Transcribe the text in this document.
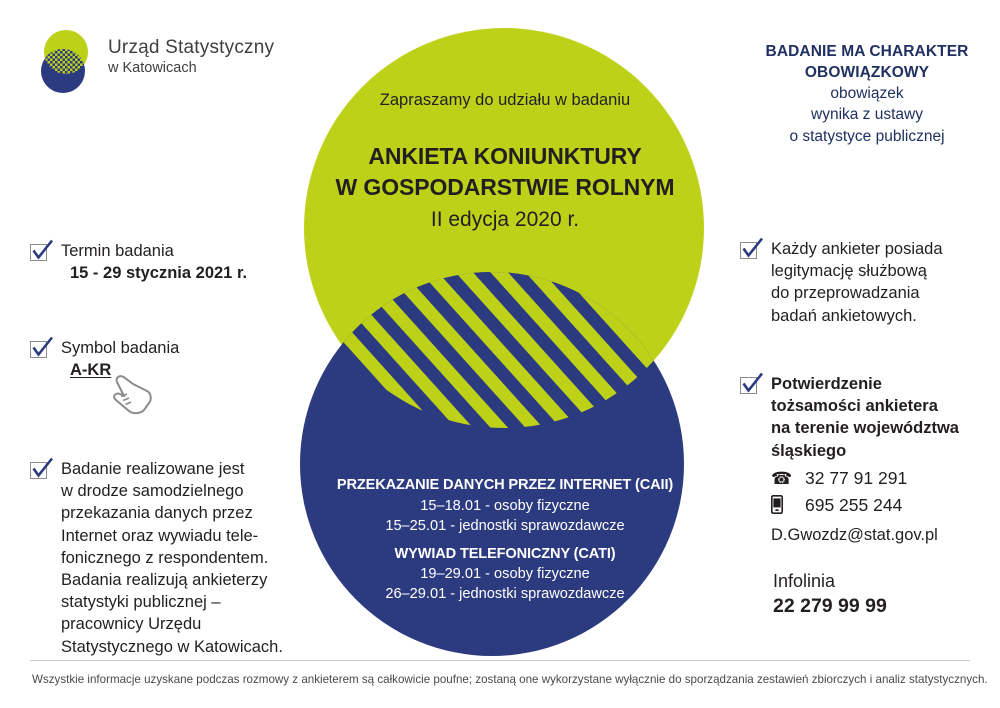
Urząd Statystyczny
w Katowicach
Zapraszamy do udziału w badaniu
ANKIETA KONIUNKTURY
W GOSPODARSTWIE ROLNYM
II edycja 2020 r.
PRZEKAZANIE DANYCH PRZEZ INTERNET (CAII)
15–18.01 - osoby fizyczne
15–25.01 - jednostki sprawozdawcze
WYWIAD TELEFONICZNY (CATI)
19–29.01 - osoby fizyczne
26–29.01 - jednostki sprawozdawcze
BADANIE MA CHARAKTER
OBOWIĄZKOWY
obowiązek
wynika z ustawy
o statystyce publicznej
Termin badania
15 - 29 stycznia 2021 r.
Symbol badania
A-KR
Badanie realizowane jest
w drodze samodzielnego
przekazania danych przez
Internet oraz wywiadu tele-
fonicznego z respondentem.
Badania realizują ankieterzy
statystyki publicznej –
pracownicy Urzędu
Statystycznego w Katowicach.
Każdy ankieter posiada
legitymację służbową
do przeprowadzania
badań ankietowych.
Potwierdzenie
tożsamości ankietera
na terenie województwa
śląskiego
☎ 32 77 91 291
695 255 244
D.Gwozdz@stat.gov.pl
Infolinia
22 279 99 99
Wszystkie informacje uzyskane podczas rozmowy z ankieterem są całkowicie poufne; zostaną one wykorzystane wyłącznie do sporządzania zestawień zbiorczych i analiz statystycznych.
